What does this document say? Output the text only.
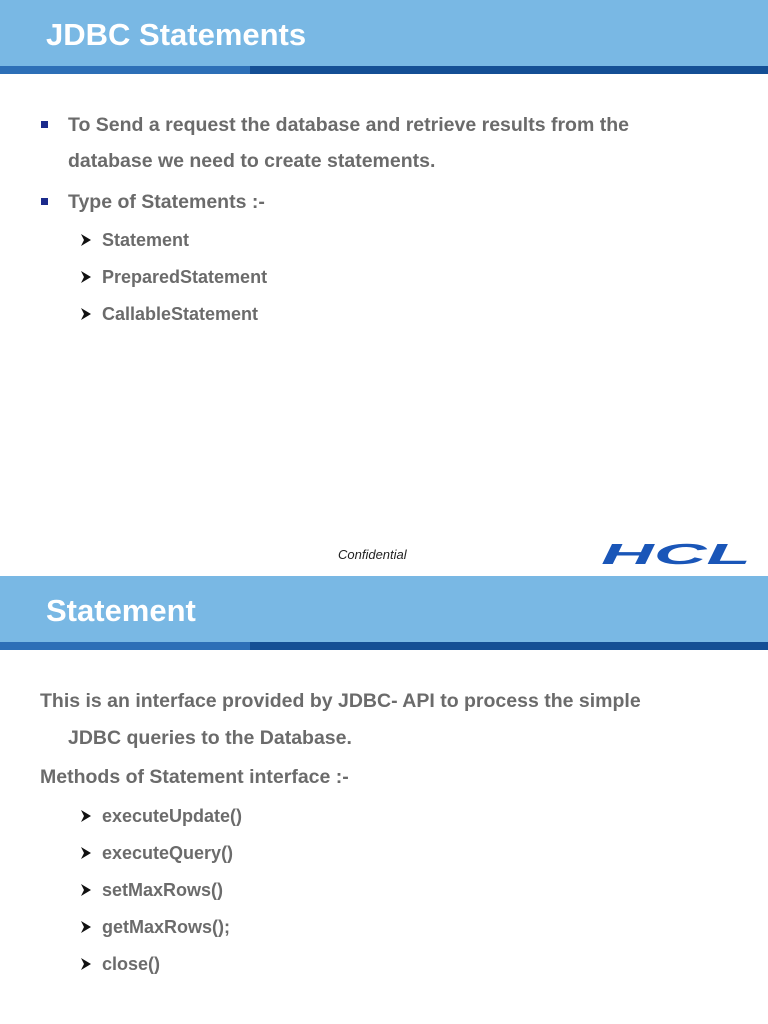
JDBC Statements
To Send a request the database and retrieve results from the
database we need to create statements.
Type of Statements :-
Statement
PreparedStatement
CallableStatement
Confidential	HCL
Statement
This is an interface provided by JDBC- API to process the simple
JDBC queries to the Database.
Methods of Statement interface :-
executeUpdate()
executeQuery()
setMaxRows()
getMaxRows();
close()
